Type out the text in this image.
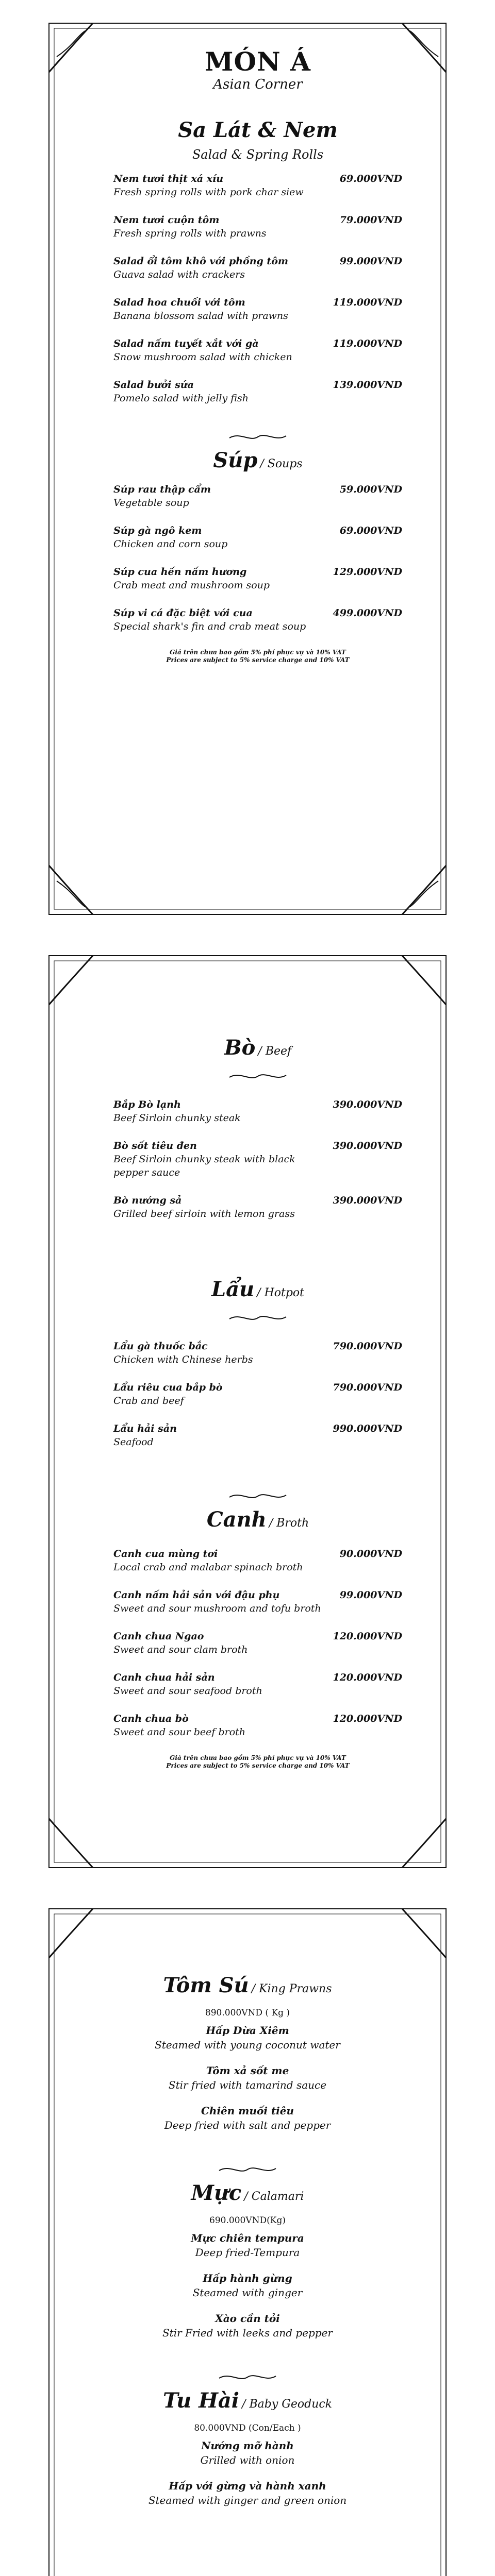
MÓN Á

Asian Corner

Sa Lát & Nem
Salad & Spring Rolls
Nem tươi thịt xá xíu
Fresh spring rolls with pork char siew
69.000VND
Nem tươi cuộn tôm
Fresh spring rolls with prawns
79.000VND
Salad ổi tôm khô với phồng tôm
Guava salad with crackers
99.000VND
Salad hoa chuối với tôm
Banana blossom salad with prawns
119.000VND
Salad nấm tuyết xắt với gà
Snow mushroom salad with chicken
119.000VND
Salad bưởi sứa
Pomelo salad with jelly fish
139.000VND
Súp / Soups
Súp rau thập cẩm
Vegetable soup
59.000VND
Súp gà ngô kem
Chicken and corn soup
69.000VND
Súp cua hến nấm hương
Crab meat and mushroom soup
129.000VND
Súp vi cá đặc biệt với cua
Special shark's fin and crab meat soup
499.000VND
Giá trên chưa bao gồm 5% phí phục vụ và 10% VAT
Prices are subject to 5% service charge and 10% VAT
Bò / Beef
Bắp Bò lạnh
Beef Sirloin chunky steak
390.000VND
Bò sốt tiêu đen
Beef Sirloin chunky steak with black pepper sauce
390.000VND
Bò nướng sả
Grilled beef sirloin with lemon grass
390.000VND
Lẩu / Hotpot
Lẩu gà thuốc bắc
Chicken with Chinese herbs
790.000VND
Lẩu riêu cua bắp bò
Crab and beef
790.000VND
Lẩu hải sản
Seafood
990.000VND
Canh / Broth
Canh cua mùng tơi
Local crab and malabar spinach broth
90.000VND
Canh nấm hải sản với đậu phụ
Sweet and sour mushroom and tofu broth
99.000VND
Canh chua Ngao
Sweet and sour clam broth
120.000VND
Canh chua hải sản
Sweet and sour seafood broth
120.000VND
Canh chua bò
Sweet and sour beef broth
120.000VND
Giá trên chưa bao gồm 5% phí phục vụ và 10% VAT
Prices are subject to 5% service charge and 10% VAT
Tôm Sú / King Prawns
890.000VND ( Kg )
Hấp Dừa Xiêm
Steamed with young coconut water
Tôm xả sốt me
Stir fried with tamarind sauce
Chiên muối tiêu
Deep fried with salt and pepper
Mực / Calamari
690.000VND(Kg)
Mực chiên tempura
Deep fried-Tempura
Hấp hành gừng
Steamed with ginger
Xào cần tỏi
Stir Fried with leeks and pepper
Tu Hài / Baby Geoduck
80.000VND (Con/Each )
Nướng mỡ hành
Grilled with onion
Hấp với gừng và hành xanh
Steamed with ginger and green onion
